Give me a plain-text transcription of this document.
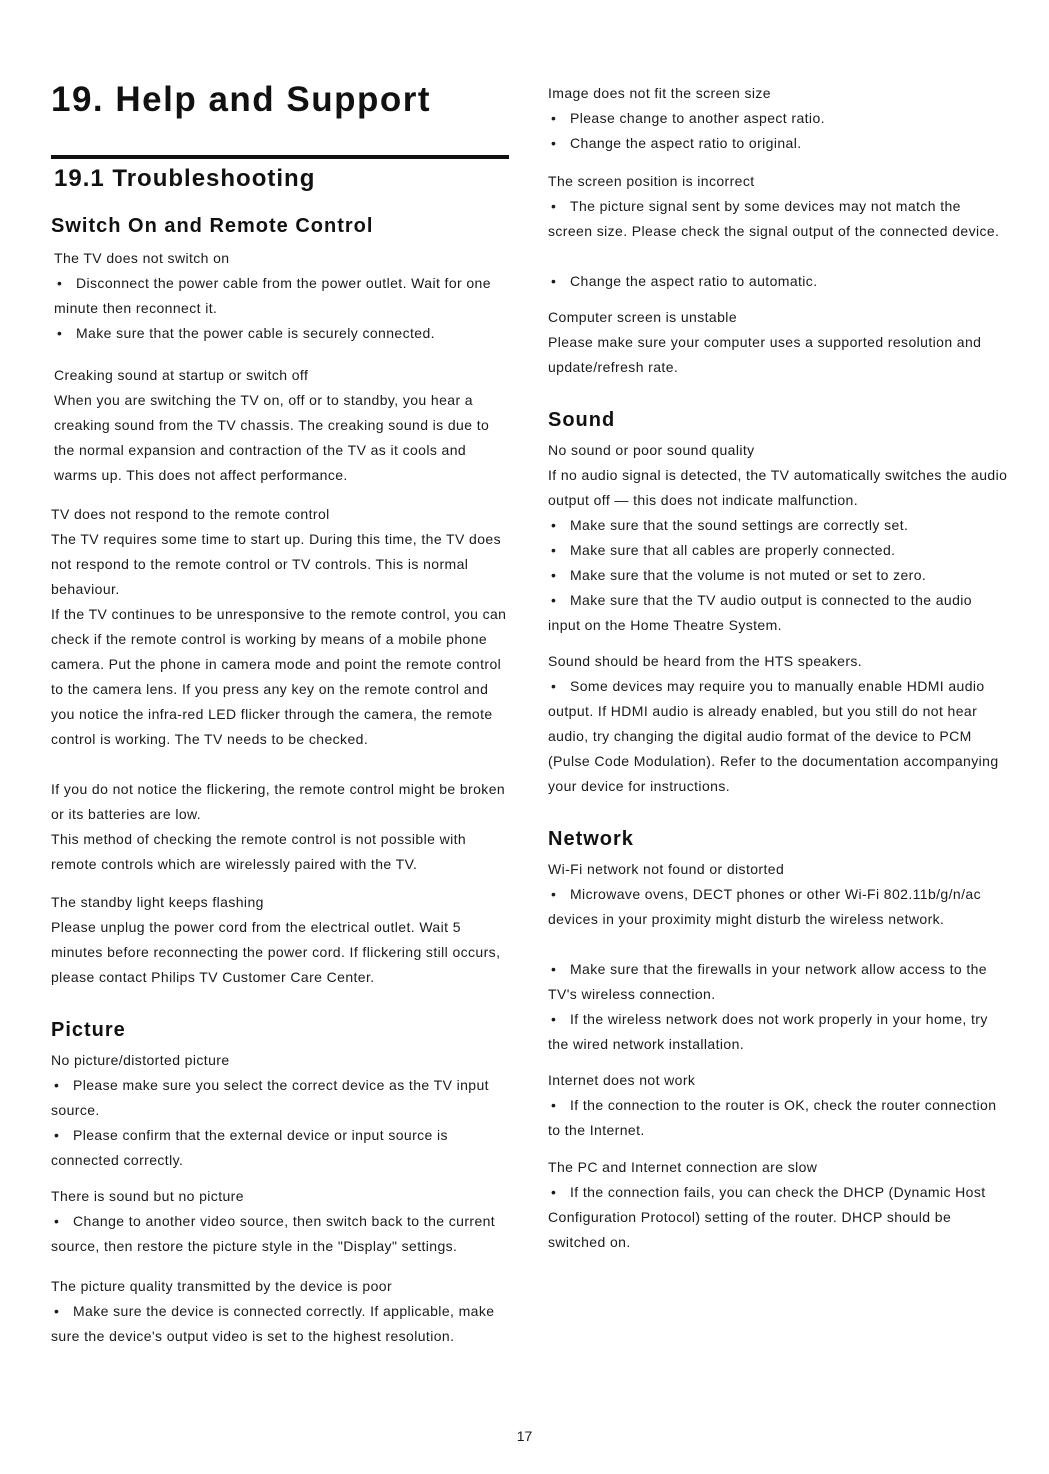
19. Help and Support
19.1 Troubleshooting
Switch On and Remote Control

The TV does not switch on

• Disconnect the power cable from the power outlet. Wait for one minute then reconnect it.

• Make sure that the power cable is securely connected.

Creaking sound at startup or switch off

When you are switching the TV on, off or to standby, you hear a creaking sound from the TV chassis. The creaking sound is due to the normal expansion and contraction of the TV as it cools and warms up. This does not affect performance.

TV does not respond to the remote control

The TV requires some time to start up. During this time, the TV does not respond to the remote control or TV controls. This is normal behaviour.

If the TV continues to be unresponsive to the remote control, you can check if the remote control is working by means of a mobile phone camera. Put the phone in camera mode and point the remote control to the camera lens. If you press any key on the remote control and you notice the infra-red LED flicker through the camera, the remote control is working. The TV needs to be checked.

If you do not notice the flickering, the remote control might be broken or its batteries are low.

This method of checking the remote control is not possible with remote controls which are wirelessly paired with the TV.

The standby light keeps flashing

Please unplug the power cord from the electrical outlet. Wait 5 minutes before reconnecting the power cord. If flickering still occurs, please contact Philips TV Customer Care Center.

Picture

No picture/distorted picture

• Please make sure you select the correct device as the TV input source.

• Please confirm that the external device or input source is connected correctly.

There is sound but no picture

• Change to another video source, then switch back to the current source, then restore the picture style in the "Display" settings.

The picture quality transmitted by the device is poor

• Make sure the device is connected correctly. If applicable, make sure the device's output video is set to the highest resolution.

Image does not fit the screen size

• Please change to another aspect ratio.

• Change the aspect ratio to original.

The screen position is incorrect

• The picture signal sent by some devices may not match the screen size. Please check the signal output of the connected device.

• Change the aspect ratio to automatic.

Computer screen is unstable

Please make sure your computer uses a supported resolution and update/refresh rate.

Sound

No sound or poor sound quality

If no audio signal is detected, the TV automatically switches the audio output off — this does not indicate malfunction.

• Make sure that the sound settings are correctly set.

• Make sure that all cables are properly connected.

• Make sure that the volume is not muted or set to zero.

• Make sure that the TV audio output is connected to the audio input on the Home Theatre System.

Sound should be heard from the HTS speakers.

• Some devices may require you to manually enable HDMI audio output. If HDMI audio is already enabled, but you still do not hear audio, try changing the digital audio format of the device to PCM (Pulse Code Modulation). Refer to the documentation accompanying your device for instructions.

Network

Wi-Fi network not found or distorted

• Microwave ovens, DECT phones or other Wi-Fi 802.11b/g/n/ac devices in your proximity might disturb the wireless network.

• Make sure that the firewalls in your network allow access to the TV's wireless connection.

• If the wireless network does not work properly in your home, try the wired network installation.

Internet does not work

• If the connection to the router is OK, check the router connection to the Internet.

The PC and Internet connection are slow

• If the connection fails, you can check the DHCP (Dynamic Host Configuration Protocol) setting of the router. DHCP should be switched on.

17
